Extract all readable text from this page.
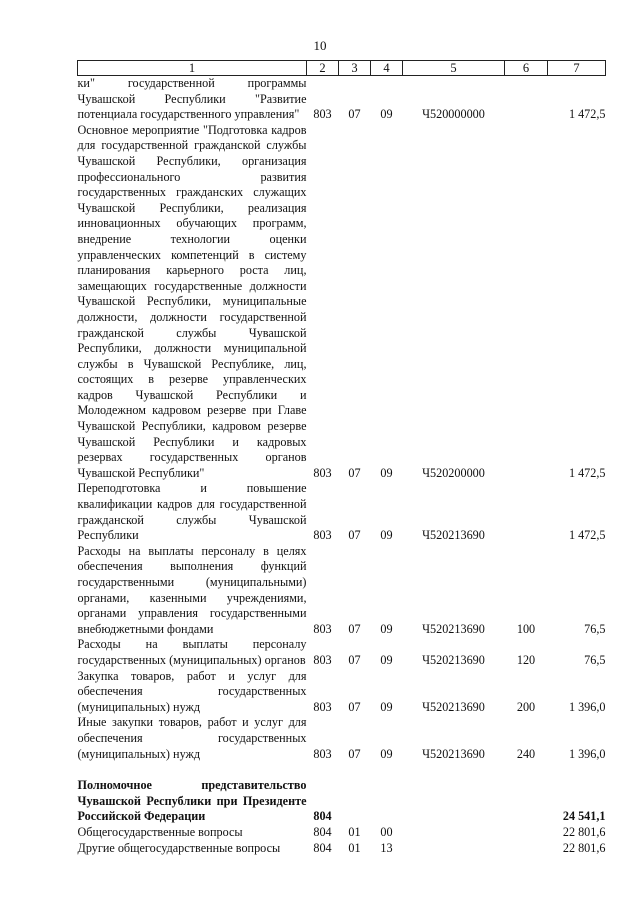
10
1	2	3	4	5	6	7
ки" государственной программы Чувашской Республики "Развитие потенциала государственного управления"	803	07	09	Ч520000000		1 472,5
Основное мероприятие "Подготовка кадров для государственной гражданской службы Чувашской Республики, организация профессионального развития государственных гражданских служащих Чувашской Республики, реализация инновационных обучающих программ, внедрение технологии оценки управленческих компетенций в систему планирования карьерного роста лиц, замещающих государственные должности Чувашской Республики, муниципальные должности, должности государственной гражданской службы Чувашской Республики, должности муниципальной службы в Чувашской Республике, лиц, состоящих в резерве управленческих кадров Чувашской Республики и Молодежном кадровом резерве при Главе Чувашской Республики, кадровом резерве Чувашской Республики и кадровых резервах государственных органов Чувашской Республики"	803	07	09	Ч520200000		1 472,5
Переподготовка и повышение квалификации кадров для государственной гражданской службы Чувашской Республики	803	07	09	Ч520213690		1 472,5
Расходы на выплаты персоналу в целях обеспечения выполнения функций государственными (муниципальными) органами, казенными учреждениями, органами управления государственными внебюджетными фондами	803	07	09	Ч520213690	100	76,5
Расходы на выплаты персоналу государственных (муниципальных) органов	803	07	09	Ч520213690	120	76,5
Закупка товаров, работ и услуг для обеспечения государственных (муниципальных) нужд	803	07	09	Ч520213690	200	1 396,0
Иные закупки товаров, работ и услуг для обеспечения государственных (муниципальных) нужд	803	07	09	Ч520213690	240	1 396,0

Полномочное представительство Чувашской Республики при Президенте Российской Федерации	804					24 541,1
Общегосударственные вопросы	804	01	00			22 801,6
Другие общегосударственные вопросы	804	01	13			22 801,6
